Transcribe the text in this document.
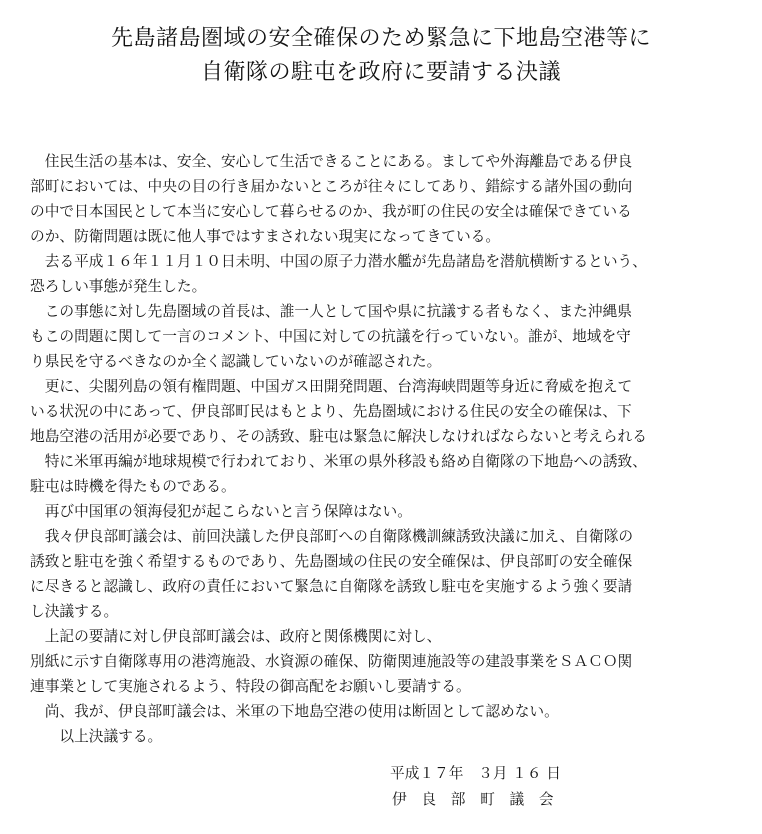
先島諸島圏域の安全確保のため緊急に下地島空港等に
自衛隊の駐屯を政府に要請する決議
　住民生活の基本は、安全、安心して生活できることにある。ましてや外海離島である伊良
部町においては、中央の目の行き届かないところが往々にしてあり、錯綜する諸外国の動向
の中で日本国民として本当に安心して暮らせるのか、我が町の住民の安全は確保できている
のか、防衛問題は既に他人事ではすまされない現実になってきている。
　去る平成１６年１１月１０日未明、中国の原子力潜水艦が先島諸島を潜航横断するという、
恐ろしい事態が発生した。
　この事態に対し先島圏域の首長は、誰一人として国や県に抗議する者もなく、また沖縄県
もこの問題に関して一言のコメント、中国に対しての抗議を行っていない。誰が、地域を守
り県民を守るべきなのか全く認識していないのが確認された。
　更に、尖閣列島の領有権問題、中国ガス田開発問題、台湾海峡問題等身近に脅威を抱えて
いる状況の中にあって、伊良部町民はもとより、先島圏域における住民の安全の確保は、下
地島空港の活用が必要であり、その誘致、駐屯は緊急に解決しなければならないと考えられる
　特に米軍再編が地球規模で行われており、米軍の県外移設も絡め自衛隊の下地島への誘致、
駐屯は時機を得たものである。
　再び中国軍の領海侵犯が起こらないと言う保障はない。
　我々伊良部町議会は、前回決議した伊良部町への自衛隊機訓練誘致決議に加え、自衛隊の
誘致と駐屯を強く希望するものであり、先島圏域の住民の安全確保は、伊良部町の安全確保
に尽きると認識し、政府の責任において緊急に自衛隊を誘致し駐屯を実施するよう強く要請
し決議する。
　上記の要請に対し伊良部町議会は、政府と関係機関に対し、
別紙に示す自衛隊専用の港湾施設、水資源の確保、防衛関連施設等の建設事業をＳＡＣＯ関
連事業として実施されるよう、特段の御高配をお願いし要請する。
　尚、我が、伊良部町議会は、米軍の下地島空港の使用は断固として認めない。
　　以上決議する。
平成１７年　３月 １６ 日
伊　良　部　町　議　会
